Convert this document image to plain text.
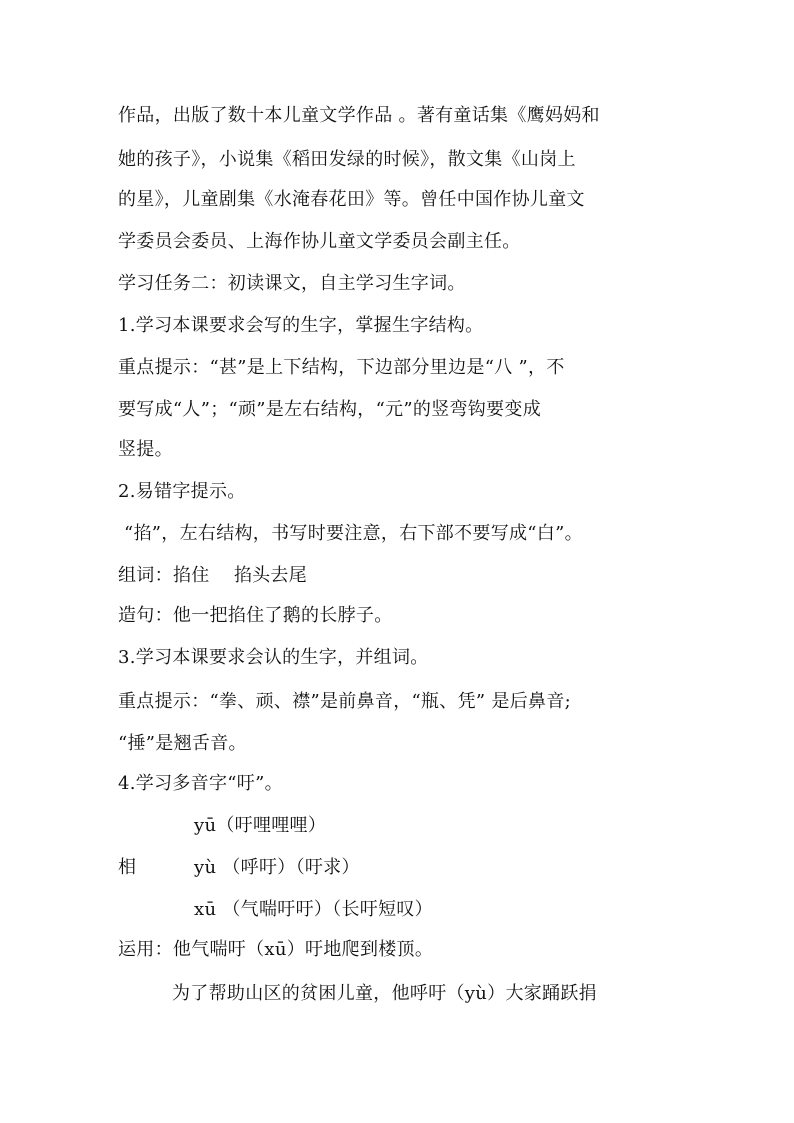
作品，出版了数十本儿童文学作品 。著有童话集《鹰妈妈和
她的孩子》，小说集《稻田发绿的时候》，散文集《山岗上
的星》，儿童剧集《水淹春花田》等。曾任中国作协儿童文
学委员会委员、上海作协儿童文学委员会副主任。
学习任务二：初读课文，自主学习生字词。
1.学习本课要求会写的生字，掌握生字结构。
重点提示：“甚”是上下结构，下边部分里边是“八 ”，不
要写成“人”；“顽”是左右结构，“元”的竖弯钩要变成
竖提。
2.易错字提示。
“掐”，左右结构，书写时要注意，右下部不要写成“白”。
组词：掐住　 掐头去尾
造句：他一把掐住了鹅的长脖子。
3.学习本课要求会认的生字，并组词。
重点提示：“拳、顽、襟”是前鼻音，“瓶、凭” 是后鼻音;
“捶”是翘舌音。
4.学习多音字“吁”。
yū（吁哩哩哩）
相	yù （呼吁）（吁求）
xū （气喘吁吁）（长吁短叹）
运用：他气喘吁（xū）吁地爬到楼顶。
为了帮助山区的贫困儿童，他呼吁（yù）大家踊跃捐
